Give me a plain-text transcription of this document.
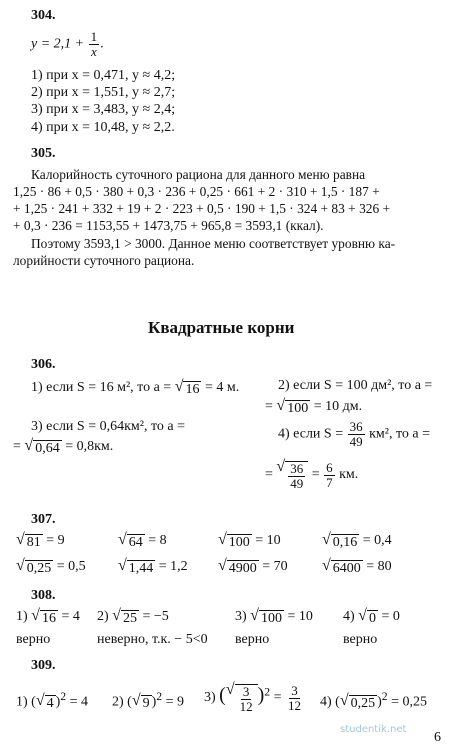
304.
$y = 2,1 + \frac{1}{x}$ .
1) при x = 0,471, y ≈ 4,2;
2) при x = 1,551, y ≈ 2,7;
3) при x = 3,483, y ≈ 2,4;
4) при x = 10,48, y ≈ 2,2.
305.
Калорийность суточного рациона для данного меню равна
1,25 · 86 + 0,5 · 380 + 0,3 · 236 + 0,25 · 661 + 2 · 310 + 1,5 · 187 +
+ 1,25 · 241 + 332 + 19 + 2 · 223 + 0,5 · 190 + 1,5 · 324 + 83 + 326 +
+ 0,3 · 236 = 1153,55 + 1473,75 + 965,8 = 3593,1 (ккал).
Поэтому 3593,1 > 3000. Данное меню соответствует уровню ка-
лорийности суточного рациона.
Квадратные корни
306.
1) если S = 16 м², то a = √ 16 = 4 м.	2) если S = 100 дм², то a =
= √ 100 = 10 дм.
3) если S = 0,64км², то a =
= √ 0,64 = 0,8км.
4) если $S = \frac{36}{49} км^2$, то a =
= √ $\frac{36}{49} = \frac{6}{7}$ км.
307.
√ 81 = 9	√ 64 = 8	√ 100 = 10	√ 0,16 = 0,4
√ 0,25 = 0,5 √ 1,44 = 1,2 √ 4900 = 70 √ 6400 = 80
308.
1) √ 16 = 4 2) √ 25 = −5	3) √ 100 = 10 4) √ 0 = 0
верно	неверно, т.к. − 5<0 верно	верно
309.
1) ( √ 4 )$^2$ = 4 2) ( √ 9 )$^2$ = 9 3) ( √ $\frac{3}{12} )^2 = \frac{3}{12} 4$) ( √ 0,25 )$^2$ = 0,25
studentik.net
6
